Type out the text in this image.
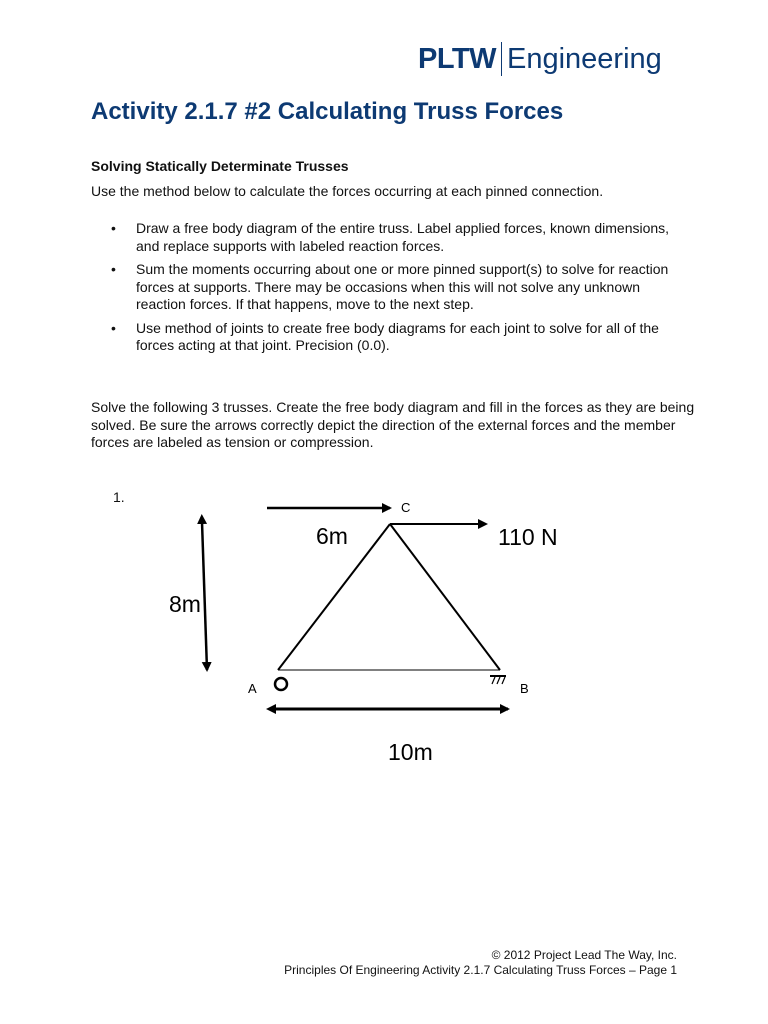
PLTW Engineering
Activity 2.1.7 #2 Calculating Truss Forces
Solving Statically Determinate Trusses

Use the method below to calculate the forces occurring at each pinned connection.

• Draw a free body diagram of the entire truss. Label applied forces, known dimensions, and replace supports with labeled reaction forces.
• Sum the moments occurring about one or more pinned support(s) to solve for reaction forces at supports. There may be occasions when this will not solve any unknown reaction forces. If that happens, move to the next step.
• Use method of joints to create free body diagrams for each joint to solve for all of the forces acting at that joint. Precision (0.0).

Solve the following 3 trusses. Create the free body diagram and fill in the forces as they are being solved. Be sure the arrows correctly depict the direction of the external forces and the member forces are labeled as tension or compression.

1.
C
A	B
6m
8m
10m
110 N
© 2012 Project Lead The Way, Inc.
Principles Of Engineering Activity 2.1.7 Calculating Truss Forces – Page 1
